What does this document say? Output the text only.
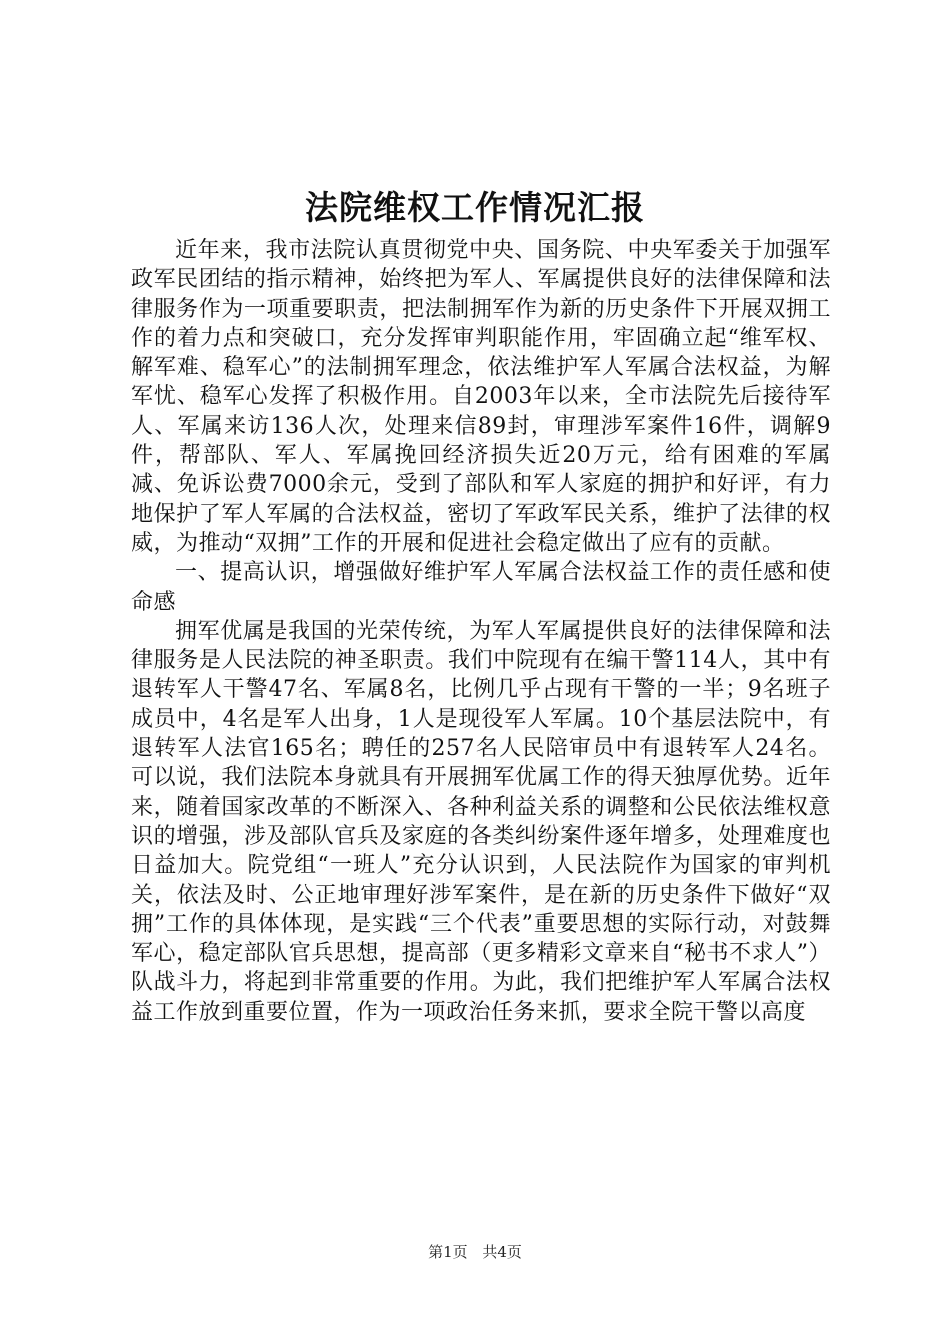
法院维权工作情况汇报

近年来，我市法院认真贯彻党中央、国务院、中央军委关于加强军政军民团结的指示精神，始终把为军人、军属提供良好的法律保障和法律服务作为一项重要职责，把法制拥军作为新的历史条件下开展双拥工作的着力点和突破口，充分发挥审判职能作用，牢固确立起“维军权、解军难、稳军心”的法制拥军理念，依法维护军人军属合法权益，为解军忧、稳军心发挥了积极作用。自2003年以来，全市法院先后接待军人、军属来访136人次，处理来信89封，审理涉军案件16件，调解9件，帮部队、军人、军属挽回经济损失近20万元，给有困难的军属减、免诉讼费7000余元，受到了部队和军人家庭的拥护和好评，有力地保护了军人军属的合法权益，密切了军政军民关系，维护了法律的权威，为推动“双拥”工作的开展和促进社会稳定做出了应有的贡献。

一、提高认识，增强做好维护军人军属合法权益工作的责任感和使命感

拥军优属是我国的光荣传统，为军人军属提供良好的法律保障和法律服务是人民法院的神圣职责。我们中院现有在编干警114人，其中有退转军人干警47名、军属8名，比例几乎占现有干警的一半；9名班子成员中，4名是军人出身，1人是现役军人军属。10个基层法院中，有退转军人法官165名；聘任的257名人民陪审员中有退转军人24名。可以说，我们法院本身就具有开展拥军优属工作的得天独厚优势。近年来，随着国家改革的不断深入、各种利益关系的调整和公民依法维权意识的增强，涉及部队官兵及家庭的各类纠纷案件逐年增多，处理难度也日益加大。院党组“一班人”充分认识到，人民法院作为国家的审判机关，依法及时、公正地审理好涉军案件，是在新的历史条件下做好“双拥”工作的具体体现，是实践“三个代表”重要思想的实际行动，对鼓舞军心，稳定部队官兵思想，提高部（更多精彩文章来自“秘书不求人”）队战斗力，将起到非常重要的作用。为此，我们把维护军人军属合法权益工作放到重要位置，作为一项政治任务来抓，要求全院干警以高度

第1页 共4页
